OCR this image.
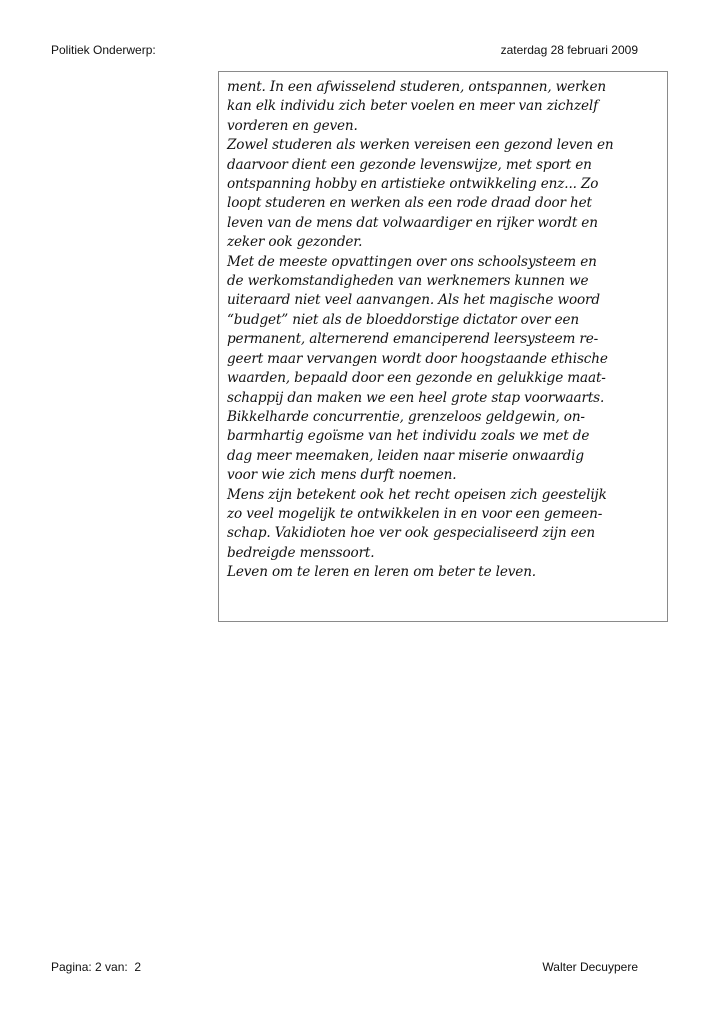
Politiek Onderwerp:	zaterdag 28 februari 2009
ment. In een afwisselend studeren, ontspannen, werken
kan elk individu zich beter voelen en meer van zichzelf
vorderen en geven.
Zowel studeren als werken vereisen een gezond leven en
daarvoor dient een gezonde levenswijze, met sport en
ontspanning hobby en artistieke ontwikkeling enz... Zo
loopt studeren en werken als een rode draad door het
leven van de mens dat volwaardiger en rijker wordt en
zeker ook gezonder.
Met de meeste opvattingen over ons schoolsysteem en
de werkomstandigheden van werknemers kunnen we
uiteraard niet veel aanvangen. Als het magische woord
“budget” niet als de bloeddorstige dictator over een
permanent, alternerend emanciperend leersysteem re-
geert maar vervangen wordt door hoogstaande ethische
waarden, bepaald door een gezonde en gelukkige maat-
schappij dan maken we een heel grote stap voorwaarts.
Bikkelharde concurrentie, grenzeloos geldgewin, on-
barmhartig egoïsme van het individu zoals we met de
dag meer meemaken, leiden naar miserie onwaardig
voor wie zich mens durft noemen.
Mens zijn betekent ook het recht opeisen zich geestelijk
zo veel mogelijk te ontwikkelen in en voor een gemeen-
schap. Vakidioten hoe ver ook gespecialiseerd zijn een
bedreigde menssoort.
Leven om te leren en leren om beter te leven.
Pagina: 2 van:  2	Walter Decuypere
